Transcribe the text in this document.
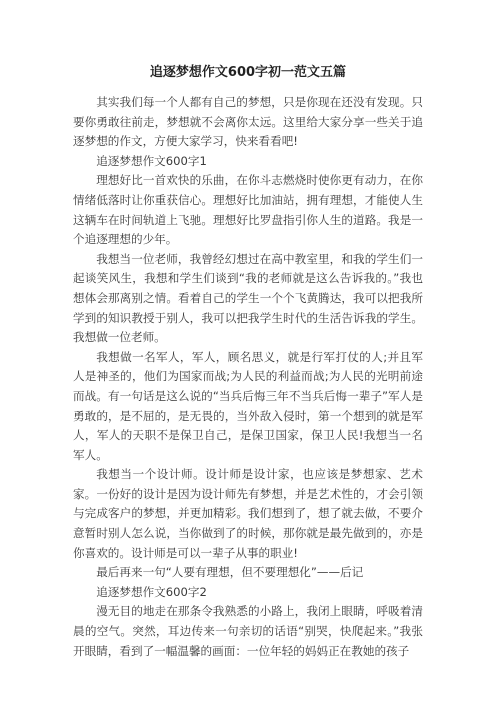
追逐梦想作文600字初一范文五篇

其实我们每一个人都有自己的梦想，只是你现在还没有发现。只要你勇敢往前走，梦想就不会离你太远。这里给大家分享一些关于追逐梦想的作文，方便大家学习，快来看看吧!

追逐梦想作文600字1

理想好比一首欢快的乐曲，在你斗志燃烧时使你更有动力，在你情绪低落时让你重获信心。理想好比加油站，拥有理想，才能使人生这辆车在时间轨道上飞驰。理想好比罗盘指引你人生的道路。我是一个追逐理想的少年。

我想当一位老师，我曾经幻想过在高中教室里，和我的学生们一起谈笑风生，我想和学生们谈到“我的老师就是这么告诉我的。”我也想体会那离别之情。看着自己的学生一个个飞黄腾达，我可以把我所学到的知识教授于别人，我可以把我学生时代的生活告诉我的学生。我想做一位老师。

我想做一名军人，军人，顾名思义，就是行军打仗的人;并且军人是神圣的，他们为国家而战;为人民的利益而战;为人民的光明前途而战。有一句话是这么说的“当兵后悔三年不当兵后悔一辈子”军人是勇敢的，是不屈的，是无畏的，当外敌入侵时，第一个想到的就是军人，军人的天职不是保卫自己，是保卫国家，保卫人民!我想当一名军人。

我想当一个设计师。设计师是设计家，也应该是梦想家、艺术家。一份好的设计是因为设计师先有梦想，并是艺术性的，才会引领与完成客户的梦想，并更加精彩。我们想到了，想了就去做，不要介意暂时别人怎么说，当你做到了的时候，那你就是最先做到的，亦是你喜欢的。设计师是可以一辈子从事的职业!

最后再来一句“人要有理想，但不要理想化”——后记

追逐梦想作文600字2

漫无目的地走在那条令我熟悉的小路上，我闭上眼睛，呼吸着清晨的空气。突然，耳边传来一句亲切的话语“别哭，快爬起来。”我张开眼睛，看到了一幅温馨的画面：一位年轻的妈妈正在教她的孩子
